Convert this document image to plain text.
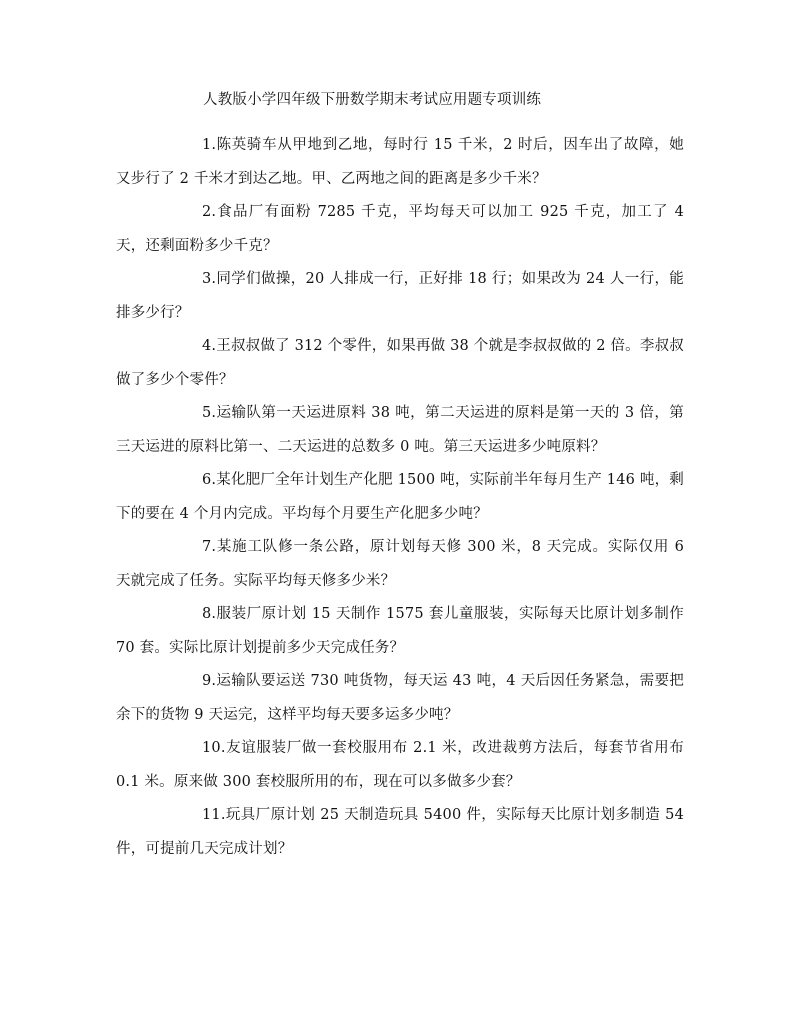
人教版小学四年级下册数学期末考试应用题专项训练

1.陈英骑车从甲地到乙地，每时行 15 千米，2 时后，因车出了故障，她又步行了 2 千米才到达乙地。甲、乙两地之间的距离是多少千米？

2.食品厂有面粉 7285 千克，平均每天可以加工 925 千克，加工了 4 天，还剩面粉多少千克？

3.同学们做操，20 人排成一行，正好排 18 行；如果改为 24 人一行，能排多少行？

4.王叔叔做了 312 个零件，如果再做 38 个就是李叔叔做的 2 倍。李叔叔做了多少个零件？

5.运输队第一天运进原料 38 吨，第二天运进的原料是第一天的 3 倍，第三天运进的原料比第一、二天运进的总数多 0 吨。第三天运进多少吨原料？

6.某化肥厂全年计划生产化肥 1500 吨，实际前半年每月生产 146 吨，剩下的要在 4 个月内完成。平均每个月要生产化肥多少吨？

7.某施工队修一条公路，原计划每天修 300 米，8 天完成。实际仅用 6 天就完成了任务。实际平均每天修多少米？

8.服装厂原计划 15 天制作 1575 套儿童服装，实际每天比原计划多制作 70 套。实际比原计划提前多少天完成任务？

9.运输队要运送 730 吨货物，每天运 43 吨，4 天后因任务紧急，需要把余下的货物 9 天运完，这样平均每天要多运多少吨？

10.友谊服装厂做一套校服用布 2.1 米，改进裁剪方法后，每套节省用布 0.1 米。原来做 300 套校服所用的布，现在可以多做多少套？

11.玩具厂原计划 25 天制造玩具 5400 件，实际每天比原计划多制造 54 件，可提前几天完成计划？
